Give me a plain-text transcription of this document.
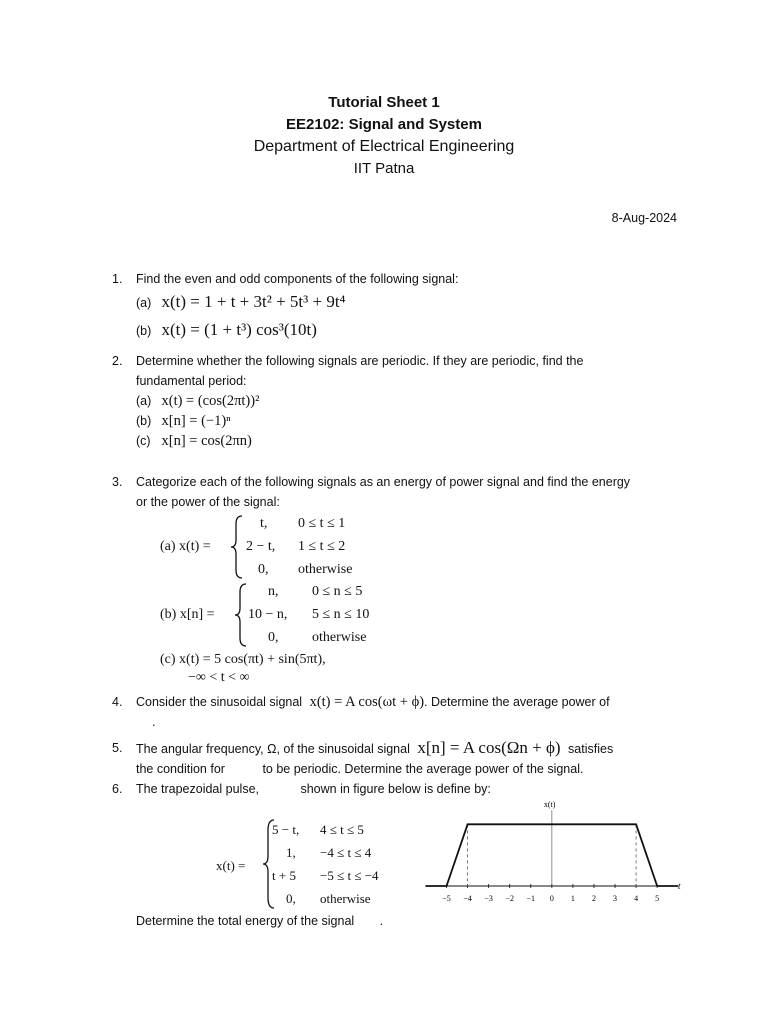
Tutorial Sheet 1
EE2102: Signal and System
Department of Electrical Engineering
IIT Patna
8-Aug-2024
1.	Find the even and odd components of the following signal:
(a) x(t) = 1 + t + 3t² + 5t³ + 9t⁴
(b) x(t) = (1 + t³) cos³(10t)
2.	Determine whether the following signals are periodic. If they are periodic, find the
fundamental period:
(a) x(t) = (cos(2πt))²
(b) x[n] = (−1)ⁿ
(c) x[n] = cos(2πn)
3.	Categorize each of the following signals as an energy of power signal and find the energy
or the power of the signal:
(a) x(t) =
t, 0 ≤ t ≤ 1
2 − t, 1 ≤ t ≤ 2
0, otherwise
(b) x[n] =
n, 0 ≤ n ≤ 5
10 − n, 5 ≤ n ≤ 10
0, otherwise
(c) x(t) = 5 cos(πt) + sin(5πt),
−∞ < t < ∞
4.	Consider the sinusoidal signal x(t) = A cos(ωt + ϕ). Determine the average power of
.
5.	The angular frequency, Ω, of the sinusoidal signal x[n] = A cos(Ωn + ϕ) satisfies
the condition for	to be periodic. Determine the average power of the signal.
6.	The trapezoidal pulse,	shown in figure below is define by:
x(t) =
5 − t, 4 ≤ t ≤ 5
1, −4 ≤ t ≤ 4
t + 5 −5 ≤ t ≤ −4
0, otherwise
x(t)
t
−5 −4 −3 −2 −1 0 1 2 3 4 5
Determine the total energy of the signal .
